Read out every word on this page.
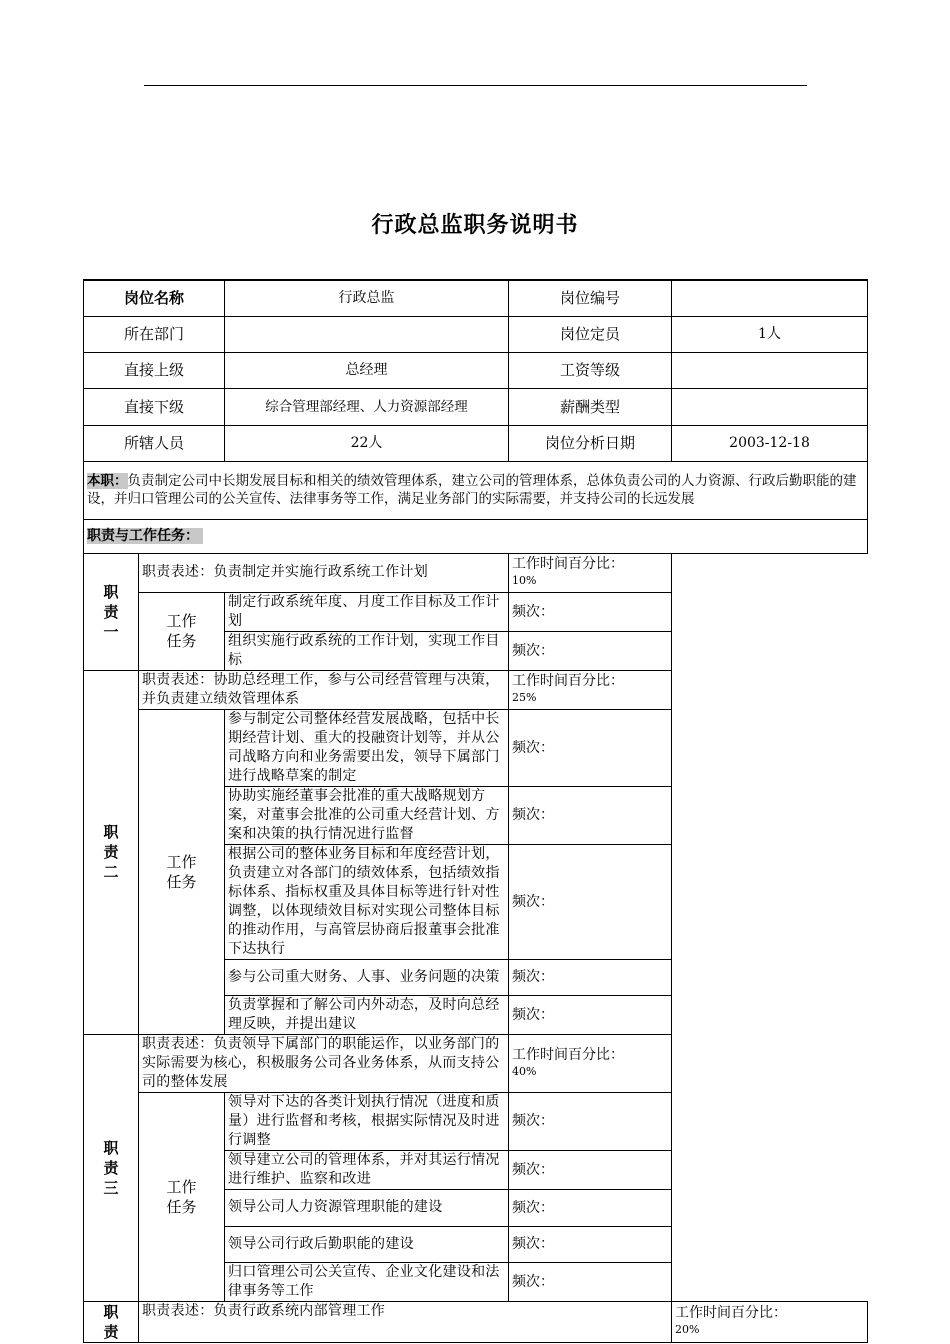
行政总监职务说明书
岗位名称		行政总监	岗位编号	
所在部门			岗位定员	1人
直接上级		总经理	工资等级	
直接下级		综合管理部经理、人力资源部经理	薪酬类型	
所辖人员		22人	岗位分析日期	2003-12-18
本职：负责制定公司中长期发展目标和相关的绩效管理体系，建立公司的管理体系，总体负责公司的人力资源、行政后勤职能的建设，并归口管理公司的公关宣传、法律事务等工作，满足业务部门的实际需要，并支持公司的长远发展				
职责与工作任务：				
职责一	职责表述：负责制定并实施行政系统工作计划		工作时间百分比：
10%	
	工作任务	制定行政系统年度、月度工作目标及工作计划	频次：	
		组织实施行政系统的工作计划，实现工作目标	频次：	
职责二	职责表述：协助总经理工作，参与公司经营管理与决策，并负责建立绩效管理体系		工作时间百分比：
25%	
	工作任务	参与制定公司整体经营发展战略，包括中长期经营计划、重大的投融资计划等，并从公司战略方向和业务需要出发，领导下属部门进行战略草案的制定	频次：	
		协助实施经董事会批准的重大战略规划方案，对董事会批准的公司重大经营计划、方案和决策的执行情况进行监督	频次：	
		根据公司的整体业务目标和年度经营计划，负责建立对各部门的绩效体系，包括绩效指标体系、指标权重及具体目标等进行针对性调整，以体现绩效目标对实现公司整体目标的推动作用，与高管层协商后报董事会批准下达执行	频次：	
		参与公司重大财务、人事、业务问题的决策	频次：	
		负责掌握和了解公司内外动态，及时向总经理反映，并提出建议	频次：	
职责三	职责表述：负责领导下属部门的职能运作，以业务部门的实际需要为核心，积极服务公司各业务体系，从而支持公司的整体发展		工作时间百分比：
40%	
	工作任务	领导对下达的各类计划执行情况（进度和质量）进行监督和考核，根据实际情况及时进行调整	频次：	
		领导建立公司的管理体系，并对其运行情况进行维护、监察和改进	频次：	
		领导公司人力资源管理职能的建设	频次：	
		领导公司行政后勤职能的建设	频次：	
		归口管理公司公关宣传、企业文化建设和法律事务等工作	频次：	
职责	职责表述：负责行政系统内部管理工作			工作时间百分比：
20%
